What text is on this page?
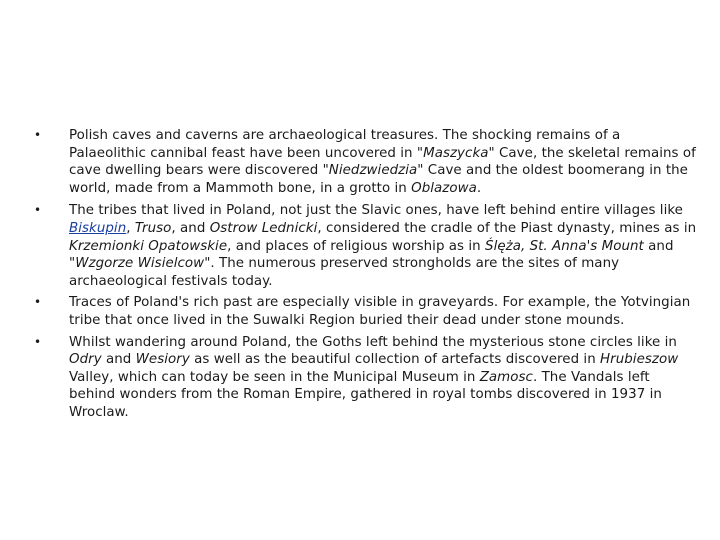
• Polish caves and caverns are archaeological treasures. The shocking remains of a Palaeolithic cannibal feast have been uncovered in "Maszycka" Cave, the skeletal remains of cave dwelling bears were discovered "Niedzwiedzia" Cave and the oldest boomerang in the world, made from a Mammoth bone, in a grotto in Oblazowa.
• The tribes that lived in Poland, not just the Slavic ones, have left behind entire villages like Biskupin, Truso, and Ostrow Lednicki, considered the cradle of the Piast dynasty, mines as in Krzemionki Opatowskie, and places of religious worship as in Ślęża, St. Anna's Mount and "Wzgorze Wisielcow". The numerous preserved strongholds are the sites of many archaeological festivals today.
• Traces of Poland's rich past are especially visible in graveyards. For example, the Yotvingian tribe that once lived in the Suwalki Region buried their dead under stone mounds.
• Whilst wandering around Poland, the Goths left behind the mysterious stone circles like in Odry and Wesiory as well as the beautiful collection of artefacts discovered in Hrubieszow Valley, which can today be seen in the Municipal Museum in Zamosc. The Vandals left behind wonders from the Roman Empire, gathered in royal tombs discovered in 1937 in Wroclaw.
